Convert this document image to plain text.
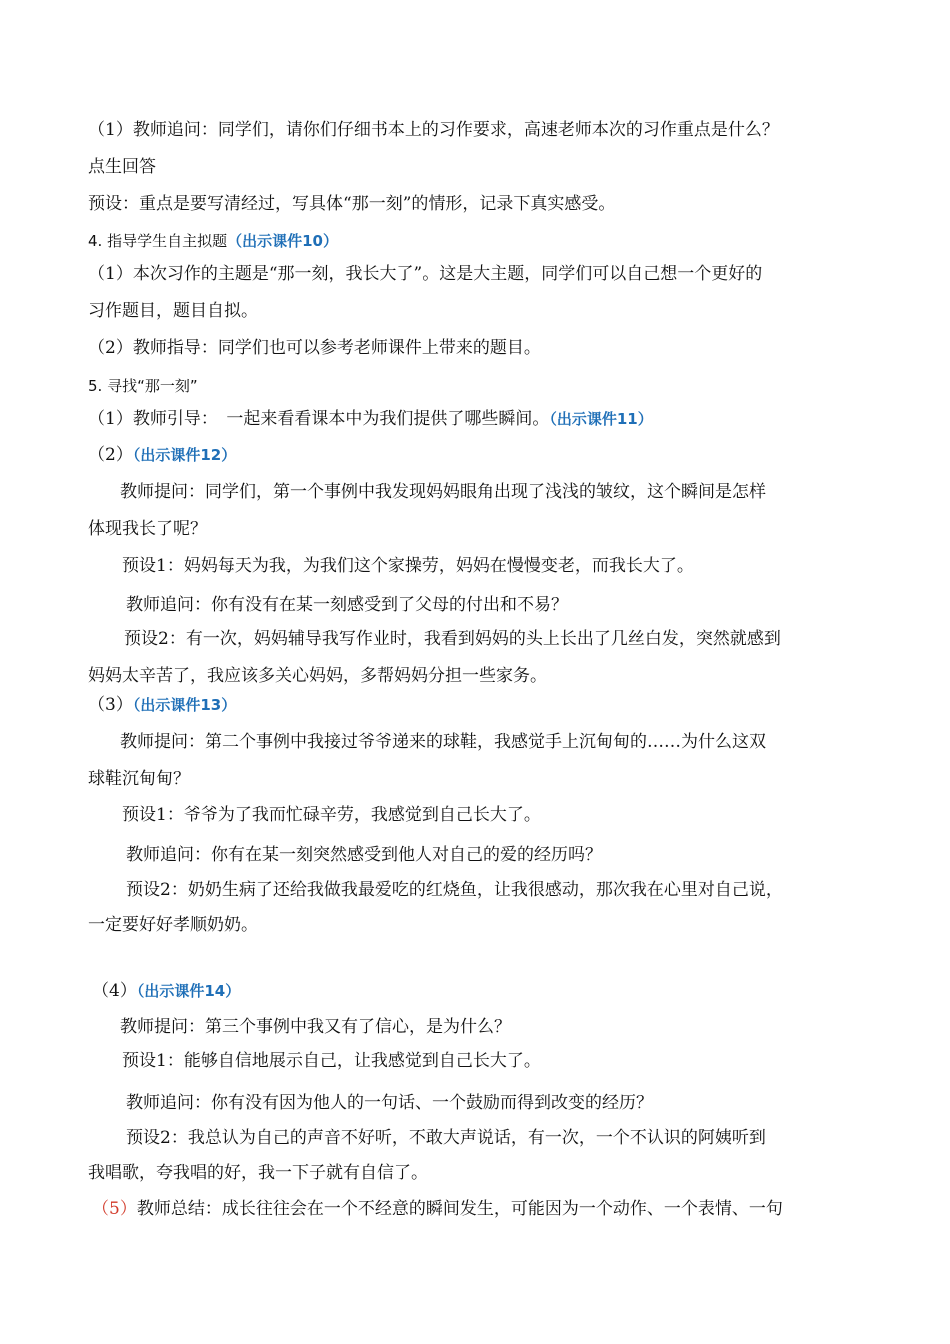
（1）教师追问：同学们，请你们仔细书本上的习作要求，高速老师本次的习作重点是什么？
点生回答
预设：重点是要写清经过，写具体“那一刻”的情形，记录下真实感受。
4. 指导学生自主拟题（出示课件10）
（1）本次习作的主题是“那一刻，我长大了”。这是大主题，同学们可以自己想一个更好的
习作题目，题目自拟。
（2）教师指导：同学们也可以参考老师课件上带来的题目。
5. 寻找“那一刻”
（1）教师引导：　一起来看看课本中为我们提供了哪些瞬间。（出示课件11）
（2）（出示课件12）
教师提问：同学们，第一个事例中我发现妈妈眼角出现了浅浅的皱纹，这个瞬间是怎样
体现我长了呢？
预设1：妈妈每天为我，为我们这个家操劳，妈妈在慢慢变老，而我长大了。
教师追问：你有没有在某一刻感受到了父母的付出和不易？
预设2：有一次，妈妈辅导我写作业时，我看到妈妈的头上长出了几丝白发，突然就感到
妈妈太辛苦了，我应该多关心妈妈，多帮妈妈分担一些家务。
（3）（出示课件13）
教师提问：第二个事例中我接过爷爷递来的球鞋，我感觉手上沉甸甸的……为什么这双
球鞋沉甸甸？
预设1：爷爷为了我而忙碌辛劳，我感觉到自己长大了。
教师追问：你有在某一刻突然感受到他人对自己的爱的经历吗？
预设2：奶奶生病了还给我做我最爱吃的红烧鱼，让我很感动，那次我在心里对自己说，
一定要好好孝顺奶奶。
（4）（出示课件14）
教师提问：第三个事例中我又有了信心，是为什么？
预设1：能够自信地展示自己，让我感觉到自己长大了。
教师追问：你有没有因为他人的一句话、一个鼓励而得到改变的经历？
预设2：我总认为自己的声音不好听，不敢大声说话，有一次，一个不认识的阿姨听到
我唱歌，夸我唱的好，我一下子就有自信了。
（5）教师总结：成长往往会在一个不经意的瞬间发生，可能因为一个动作、一个表情、一句
